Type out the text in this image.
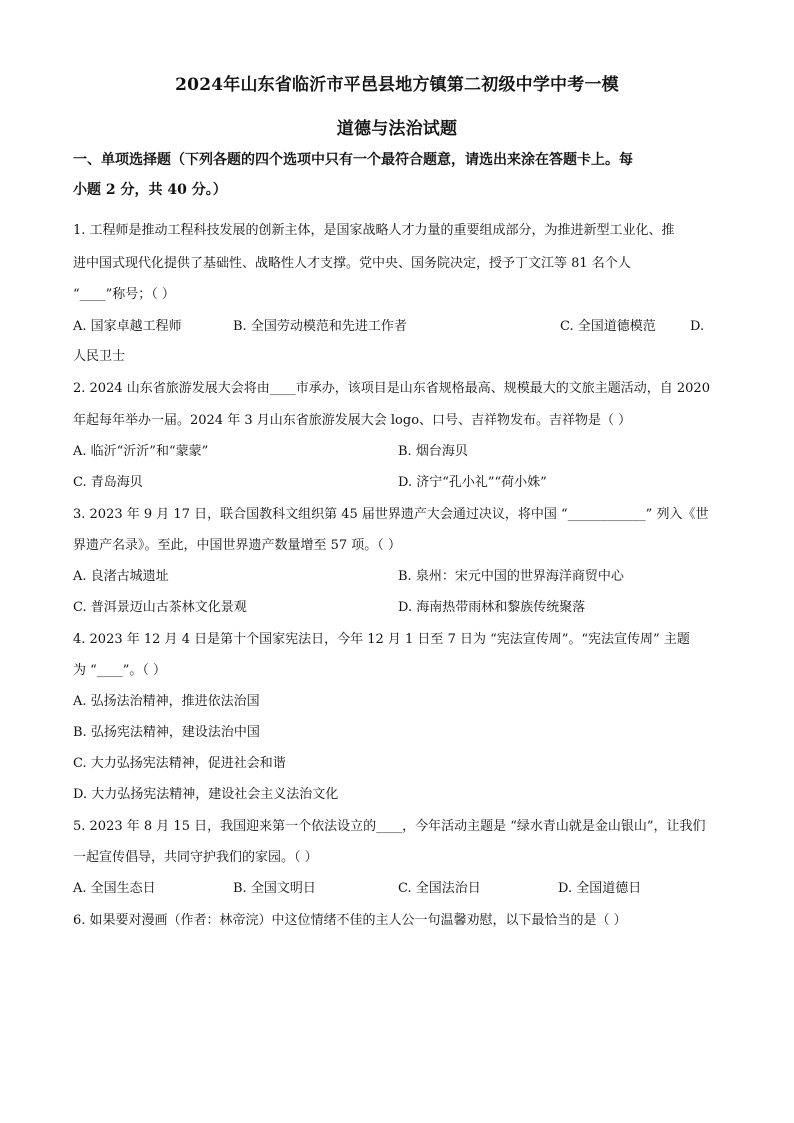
2024年山东省临沂市平邑县地方镇第二初级中学中考一模
道德与法治试题
一、单项选择题（下列各题的四个选项中只有一个最符合题意，请选出来涂在答题卡上。每
小题 2 分，共 40 分。）
1. 工程师是推动工程科技发展的创新主体，是国家战略人才力量的重要组成部分，为推进新型工业化、推
进中国式现代化提供了基础性、战略性人才支撑。党中央、国务院决定，授予丁文江等 81 名个人
“____”称号；（ ）
A. 国家卓越工程师	B. 全国劳动模范和先进工作者	C. 全国道德模范	D.
人民卫士
2. 2024 山东省旅游发展大会将由____市承办，该项目是山东省规格最高、规模最大的文旅主题活动，自 2020
年起每年举办一届。2024 年 3 月山东省旅游发展大会 logo、口号、吉祥物发布。吉祥物是（ ）
A. 临沂“沂沂”和“蒙蒙”	B. 烟台海贝
C. 青岛海贝	D. 济宁“孔小礼”“荷小姝”
3. 2023 年 9 月 17 日，联合国教科文组织第 45 届世界遗产大会通过决议，将中国 “____________” 列入《世
界遗产名录》。至此，中国世界遗产数量增至 57 项。（ ）
A. 良渚古城遗址	B. 泉州：宋元中国的世界海洋商贸中心
C. 普洱景迈山古茶林文化景观	D. 海南热带雨林和黎族传统聚落
4. 2023 年 12 月 4 日是第十个国家宪法日，今年 12 月 1 日至 7 日为 “宪法宣传周”。“宪法宣传周” 主题
为 “____”。（ ）
A. 弘扬法治精神，推进依法治国
B. 弘扬宪法精神，建设法治中国
C. 大力弘扬宪法精神，促进社会和谐
D. 大力弘扬宪法精神，建设社会主义法治文化
5. 2023 年 8 月 15 日，我国迎来第一个依法设立的____，今年活动主题是 “绿水青山就是金山银山”，让我们
一起宣传倡导，共同守护我们的家园。（ ）
A. 全国生态日	B. 全国文明日	C. 全国法治日	D. 全国道德日
6. 如果要对漫画（作者：林帝浣）中这位情绪不佳的主人公一句温馨劝慰，以下最恰当的是（ ）
